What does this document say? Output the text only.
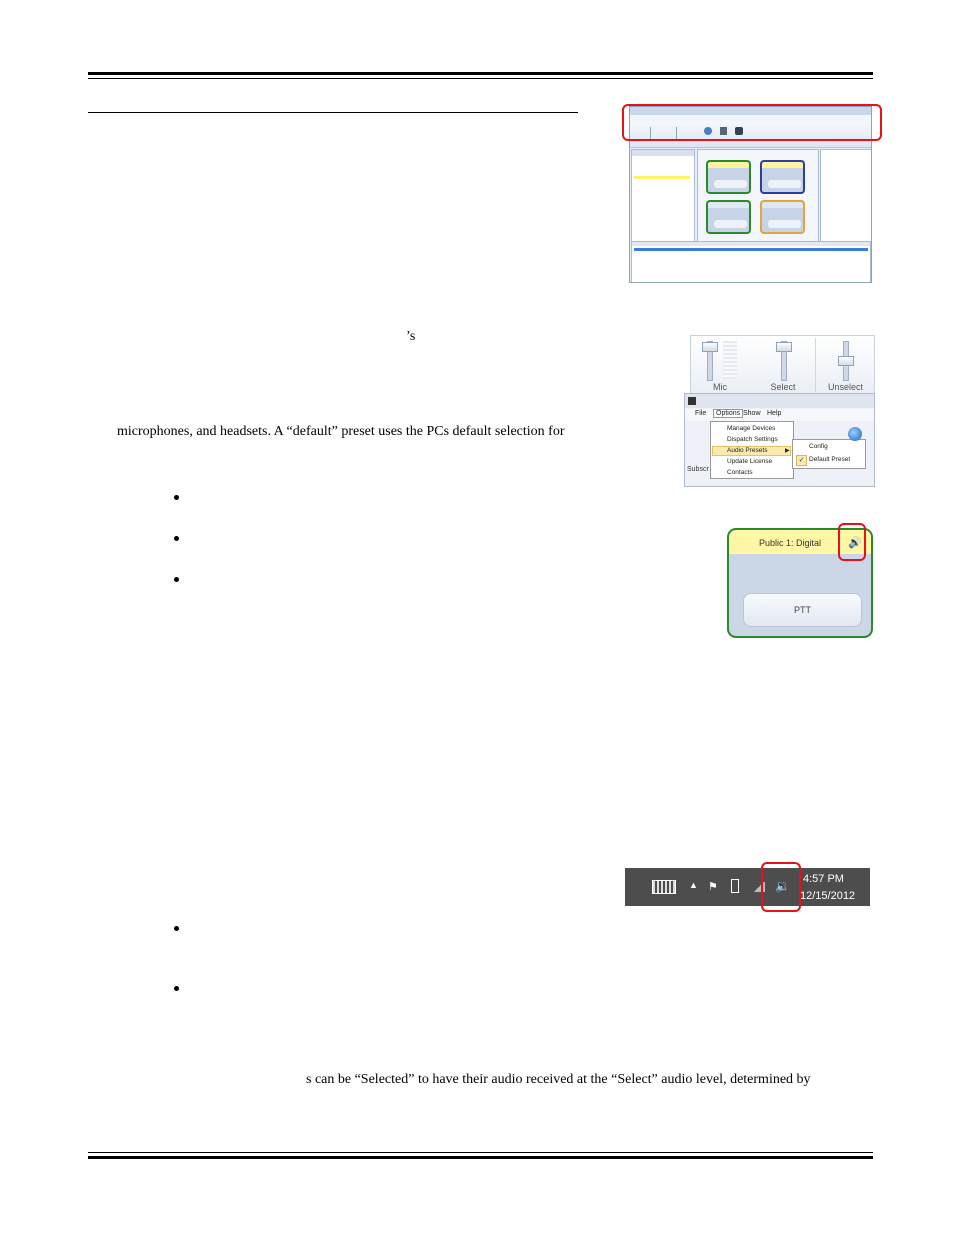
’s
Mic	Select	Unselect
File	Options Show Help
Manage Devices
Dispatch Settings
Audio Presets	▶
Update License
Contacts
Config
✓ Default Preset
Subscr
microphones, and headsets. A “default” preset uses the PCs default selection for
Public 1: Digital 🔊
PTT
▲ ⚑	🔉 4:57 PM
12/15/2012
s can be “Selected” to have their audio received at the “Select” audio level, determined by
